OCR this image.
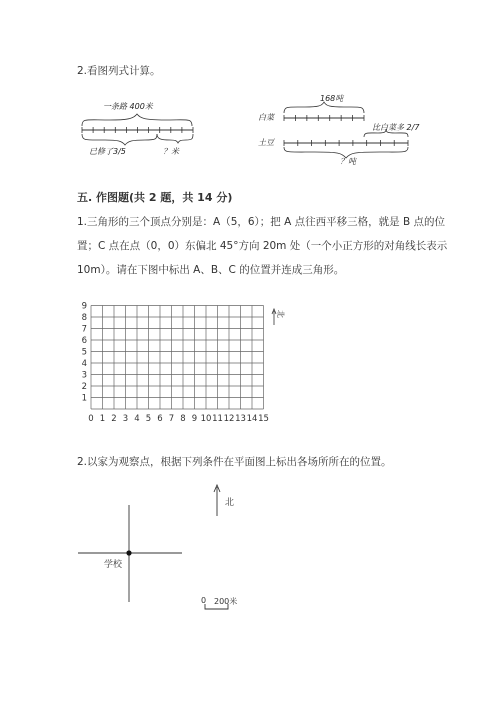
2.看图列式计算。
一条路 400米
已修了3/5	？米
168吨
白菜
土豆
比白菜多 2/7
？吨
五. 作图题(共 2 题，共 14 分)
1.三角形的三个顶点分别是：A（5，6）；把 A 点往西平移三格，就是 B 点的位
置；C 点在点（0，0）东偏北 45°方向 20m 处（一个小正方形的对角线长表示
10m）。请在下图中标出 A、B、C 的位置并连成三角形。
9
8
7
6
5
4
3
2
1
0 1 2 3 4 5 6 7 8 9 10 11 12 13 14 15
北
2.以家为观察点，根据下列条件在平面图上标出各场所所在的位置。
北
学校
0 200米
